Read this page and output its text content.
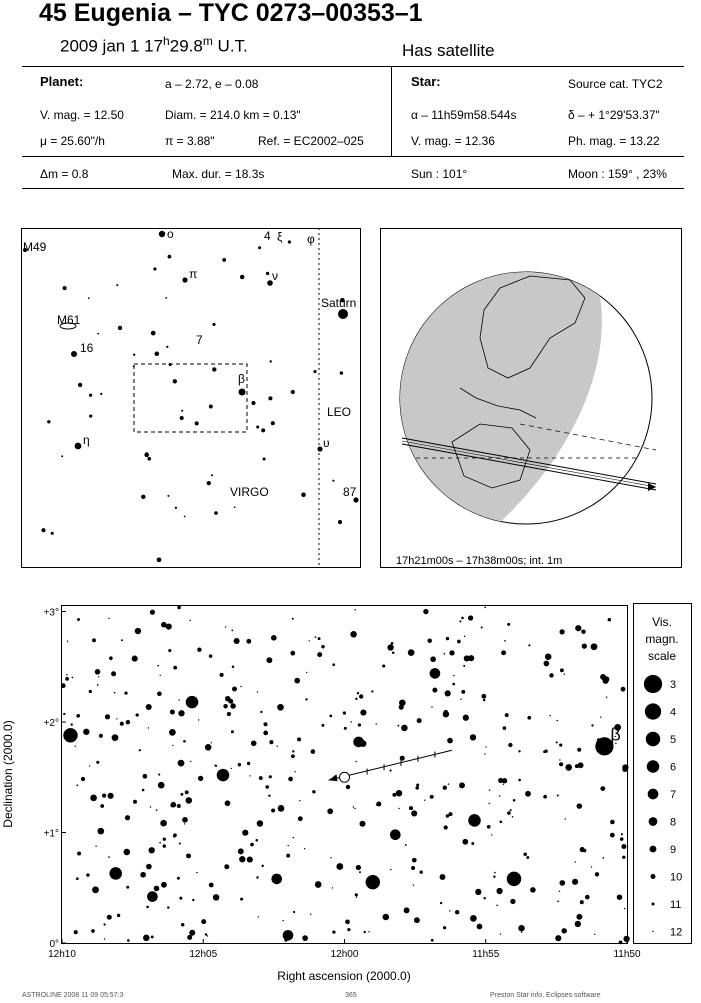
45 Eugenia – TYC 0273–00353–1
2009 jan 1 17$^h$29.8$^m$ U.T.	Has satellite
Planet:	a – 2.72, e – 0.08
V. mag. = 12.50	Diam. = 214.0 km = 0.13"
μ = 25.60"/h	π = 3.88"	Ref. = EC2002–025
Star:	Source cat. TYC2
α – 11h59m58.544s	δ – + 1°29'53.37"
V. mag. = 12.36	Ph. mag. = 13.22
Δm = 0.8	Max. dur. = 18.3s	Sun : 101°	Moon : 159° , 23%
M49
o	4 ξ φ
π	ν
Saturn
M61
16
7
β
LEO
η	υ
VIRGO	87
17h21m00s – 17h38m00s; int. 1m
12h10	12h05	12h00	11h55	11h50
0°
+1°
+2°
+3°
β
Right ascension (2000.0)
Declination (2000.0)
Vis.
magn.
scale
3
4
5
6
7
8
9
10
11
12
ASTROLINE 2008 11 09 05:57:3	365	Preston Star info, Eclipses software
